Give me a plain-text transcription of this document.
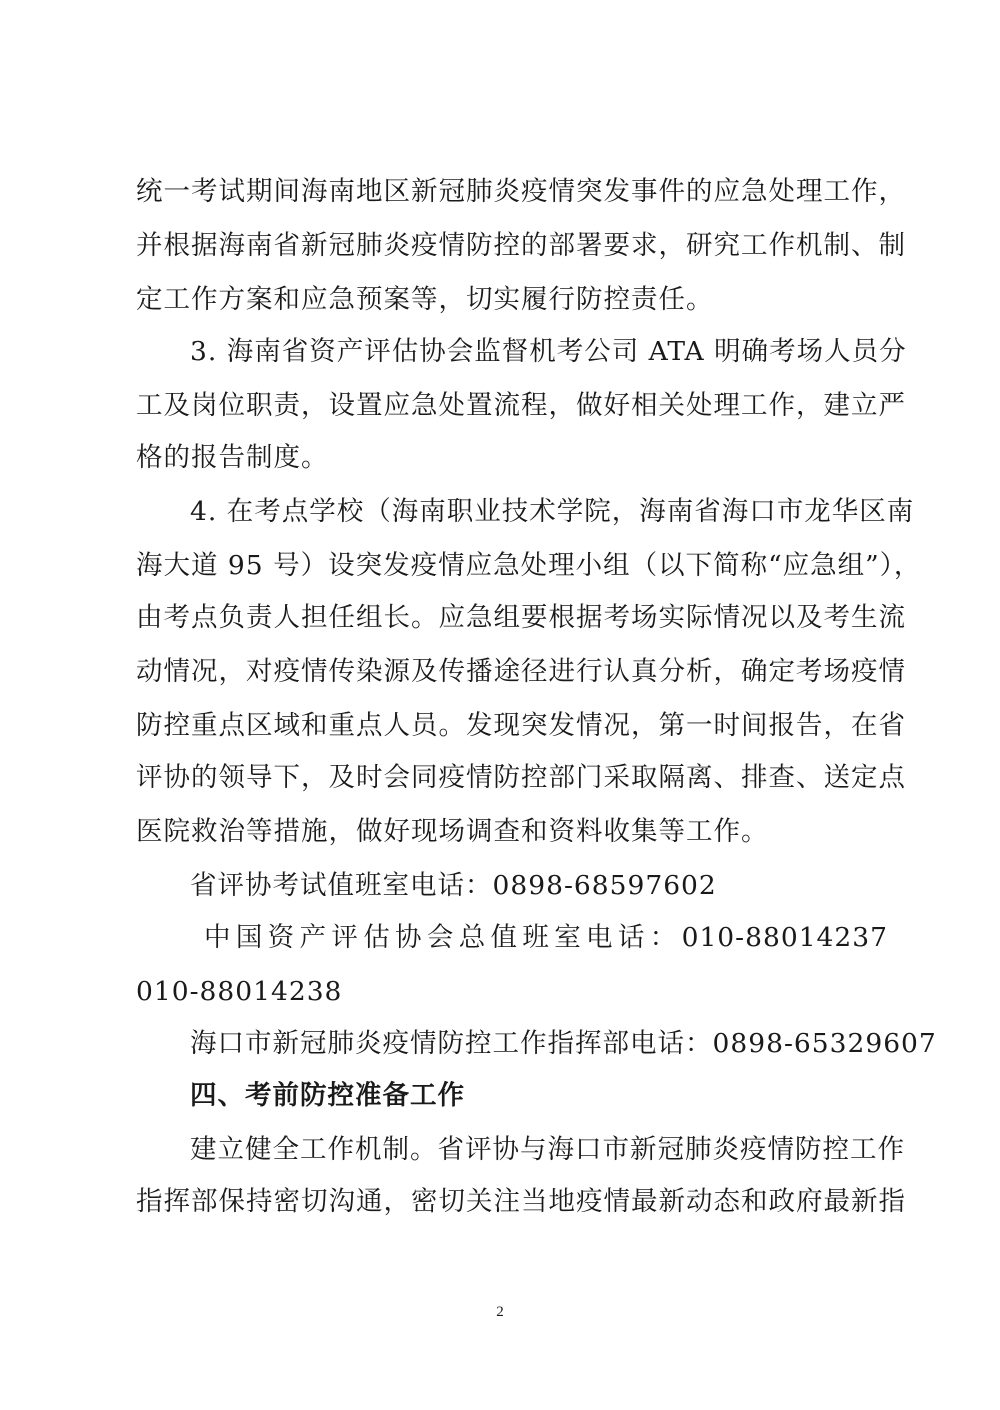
统一考试期间海南地区新冠肺炎疫情突发事件的应急处理工作，
并根据海南省新冠肺炎疫情防控的部署要求，研究工作机制、制
定工作方案和应急预案等，切实履行防控责任。
3. 海南省资产评估协会监督机考公司 ATA 明确考场人员分
工及岗位职责，设置应急处置流程，做好相关处理工作，建立严
格的报告制度。
4. 在考点学校（海南职业技术学院，海南省海口市龙华区南
海大道 95 号）设突发疫情应急处理小组（以下简称“应急组”），
由考点负责人担任组长。应急组要根据考场实际情况以及考生流
动情况，对疫情传染源及传播途径进行认真分析，确定考场疫情
防控重点区域和重点人员。发现突发情况，第一时间报告，在省
评协的领导下，及时会同疫情防控部门采取隔离、排查、送定点
医院救治等措施，做好现场调查和资料收集等工作。
省评协考试值班室电话：0898-68597602
中国资产评估协会总值班室电话：010-88014237
010-88014238
海口市新冠肺炎疫情防控工作指挥部电话：0898-65329607
四、考前防控准备工作
建立健全工作机制。省评协与海口市新冠肺炎疫情防控工作
指挥部保持密切沟通，密切关注当地疫情最新动态和政府最新指
2
